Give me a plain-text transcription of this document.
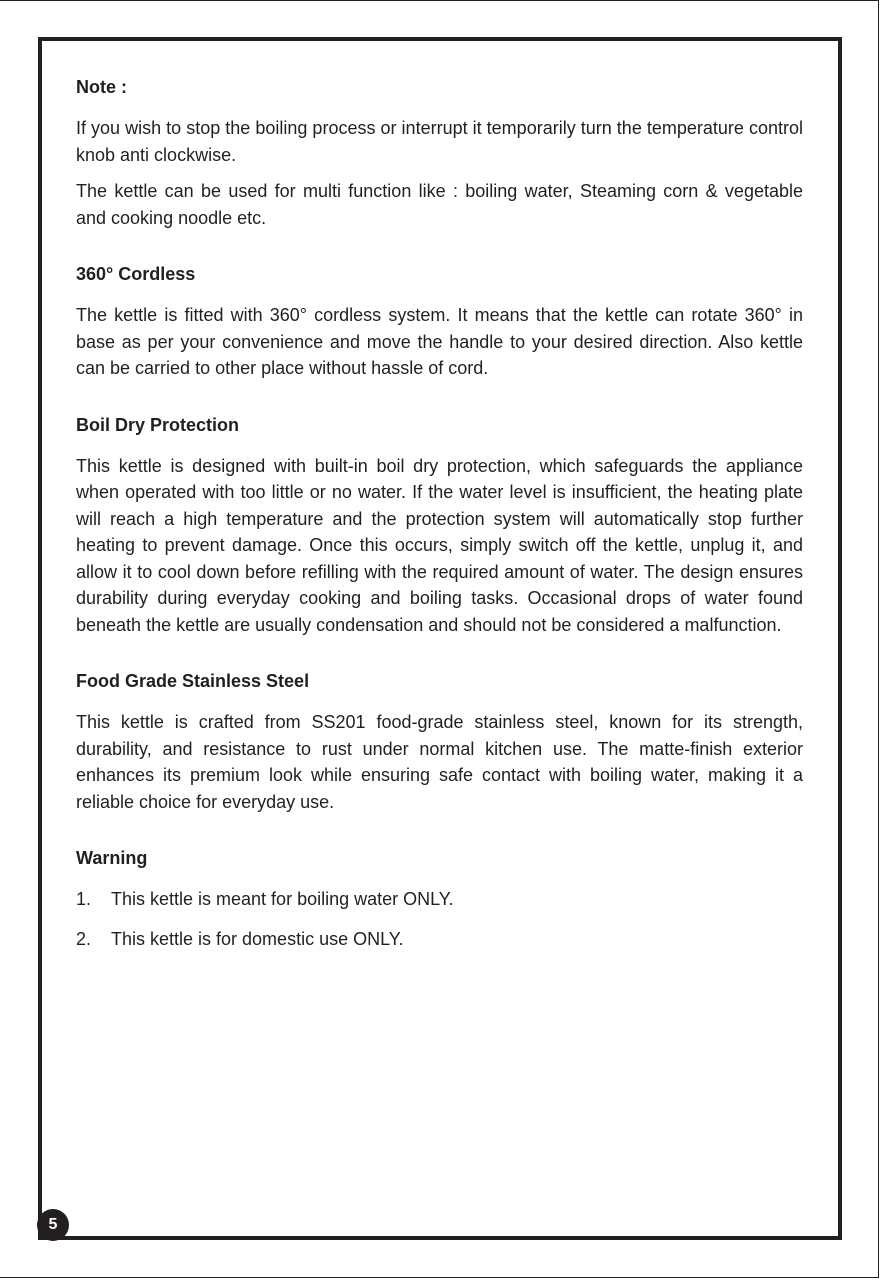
Note :

If you wish to stop the boiling process or interrupt it temporarily turn the temperature control knob anti clockwise.

The kettle can be used for multi function like : boiling water, Steaming corn & vegetable and cooking noodle etc.

360° Cordless

The kettle is fitted with 360° cordless system. It means that the kettle can rotate 360° in base as per your convenience and move the handle to your desired direction. Also kettle can be carried to other place without hassle of cord.

Boil Dry Protection

This kettle is designed with built-in boil dry protection, which safeguards the appliance when operated with too little or no water. If the water level is insufficient, the heating plate will reach a high temperature and the protection system will automatically stop further heating to prevent damage. Once this occurs, simply switch off the kettle, unplug it, and allow it to cool down before refilling with the required amount of water. The design ensures durability during everyday cooking and boiling tasks. Occasional drops of water found beneath the kettle are usually condensation and should not be considered a malfunction.

Food Grade Stainless Steel

This kettle is crafted from SS201 food-grade stainless steel, known for its strength, durability, and resistance to rust under normal kitchen use. The matte-finish exterior enhances its premium look while ensuring safe contact with boiling water, making it a reliable choice for everyday use.

Warning
1.	This kettle is meant for boiling water ONLY.
2.	This kettle is for domestic use ONLY.
5
